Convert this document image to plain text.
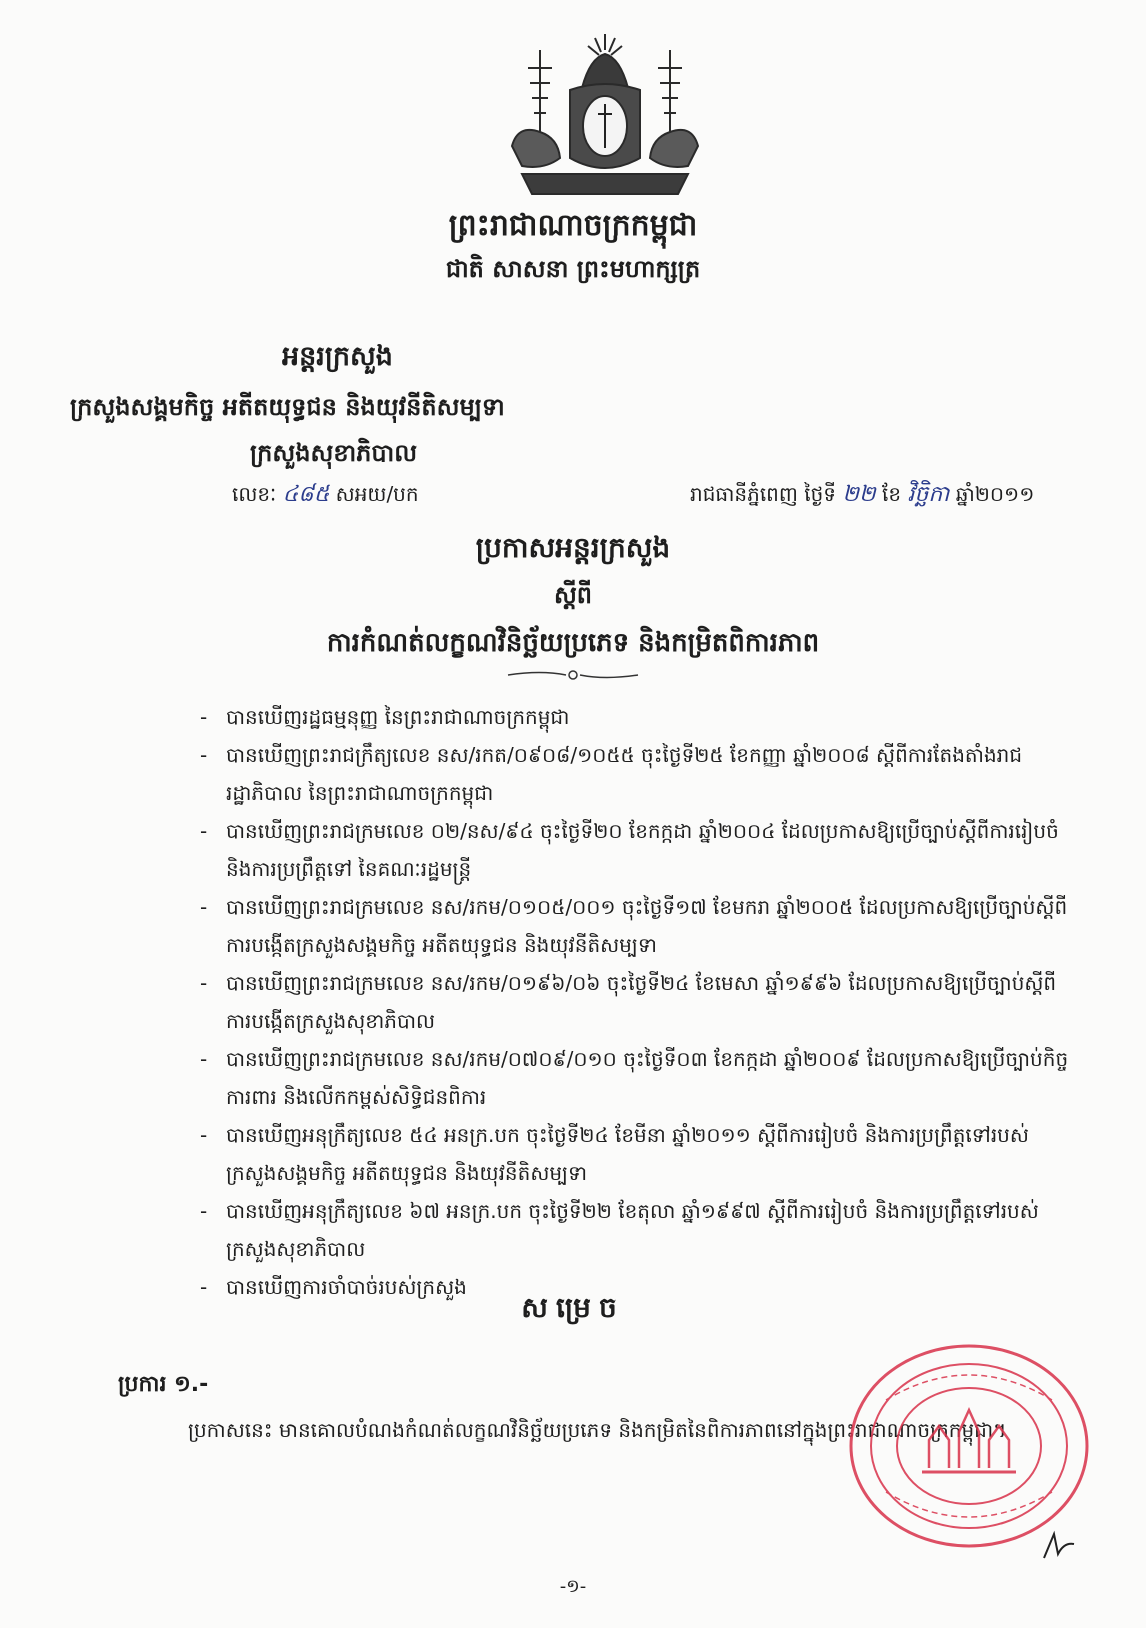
ព្រះរាជាណាចក្រកម្ពុជា
ជាតិ សាសនា ព្រះមហាក្សត្រ
អន្តរក្រសួង
ក្រសួងសង្គមកិច្ច អតីតយុទ្ធជន និងយុវនីតិសម្បទា
ក្រសួងសុខាភិបាល
លេខៈ ៤៨៥ សអយ/បក	រាជធានីភ្នំពេញ ថ្ងៃទី ២២ ខែ វិច្ឆិកា ឆ្នាំ២០១១
ប្រកាសអន្តរក្រសួង
ស្តីពី
ការកំណត់លក្ខណវិនិច្ឆ័យប្រភេទ និងកម្រិតពិការភាព
- បានឃើញរដ្ឋធម្មនុញ្ញ នៃព្រះរាជាណាចក្រកម្ពុជា
- បានឃើញព្រះរាជក្រឹត្យលេខ នស/រកត/០៩០៨/១០៥៥ ចុះថ្ងៃទី២៥ ខែកញ្ញា ឆ្នាំ២០០៨ ស្តីពីការតែងតាំងរាជរដ្ឋាភិបាល នៃព្រះរាជាណាចក្រកម្ពុជា
- បានឃើញព្រះរាជក្រមលេខ ០២/នស/៩៤ ចុះថ្ងៃទី២០ ខែកក្កដា ឆ្នាំ២០០៤ ដែលប្រកាសឱ្យប្រើច្បាប់ស្តីពីការរៀបចំ និងការប្រព្រឹត្តទៅ នៃគណៈរដ្ឋមន្ត្រី
- បានឃើញព្រះរាជក្រមលេខ នស/រកម/០១០៥/០០១ ចុះថ្ងៃទី១៧ ខែមករា ឆ្នាំ២០០៥ ដែលប្រកាសឱ្យប្រើច្បាប់ស្តីពីការបង្កើតក្រសួងសង្គមកិច្ច អតីតយុទ្ធជន និងយុវនីតិសម្បទា
- បានឃើញព្រះរាជក្រមលេខ នស/រកម/០១៩៦/០៦ ចុះថ្ងៃទី២៤ ខែមេសា ឆ្នាំ១៩៩៦ ដែលប្រកាសឱ្យប្រើច្បាប់ស្តីពីការបង្កើតក្រសួងសុខាភិបាល
- បានឃើញព្រះរាជក្រមលេខ នស/រកម/០៧០៩/០១០ ចុះថ្ងៃទី០៣ ខែកក្កដា ឆ្នាំ២០០៩ ដែលប្រកាសឱ្យប្រើច្បាប់កិច្ចការពារ និងលើកកម្ពស់សិទ្ធិជនពិការ
- បានឃើញអនុក្រឹត្យលេខ ៥៤ អនក្រ.បក ចុះថ្ងៃទី២៤ ខែមីនា ឆ្នាំ២០១១ ស្តីពីការរៀបចំ និងការប្រព្រឹត្តទៅរបស់ក្រសួងសង្គមកិច្ច អតីតយុទ្ធជន និងយុវនីតិសម្បទា
- បានឃើញអនុក្រឹត្យលេខ ៦៧ អនក្រ.បក ចុះថ្ងៃទី២២ ខែតុលា ឆ្នាំ១៩៩៧ ស្តីពីការរៀបចំ និងការប្រព្រឹត្តទៅរបស់ក្រសួងសុខាភិបាល
- បានឃើញការចាំបាច់របស់ក្រសួង
សម្រេច
ប្រការ ១.-
ប្រកាសនេះ មានគោលបំណងកំណត់លក្ខណវិនិច្ឆ័យប្រភេទ និងកម្រិតនៃពិការភាពនៅក្នុងព្រះរាជាណាចក្រកម្ពុជា។
-១-
